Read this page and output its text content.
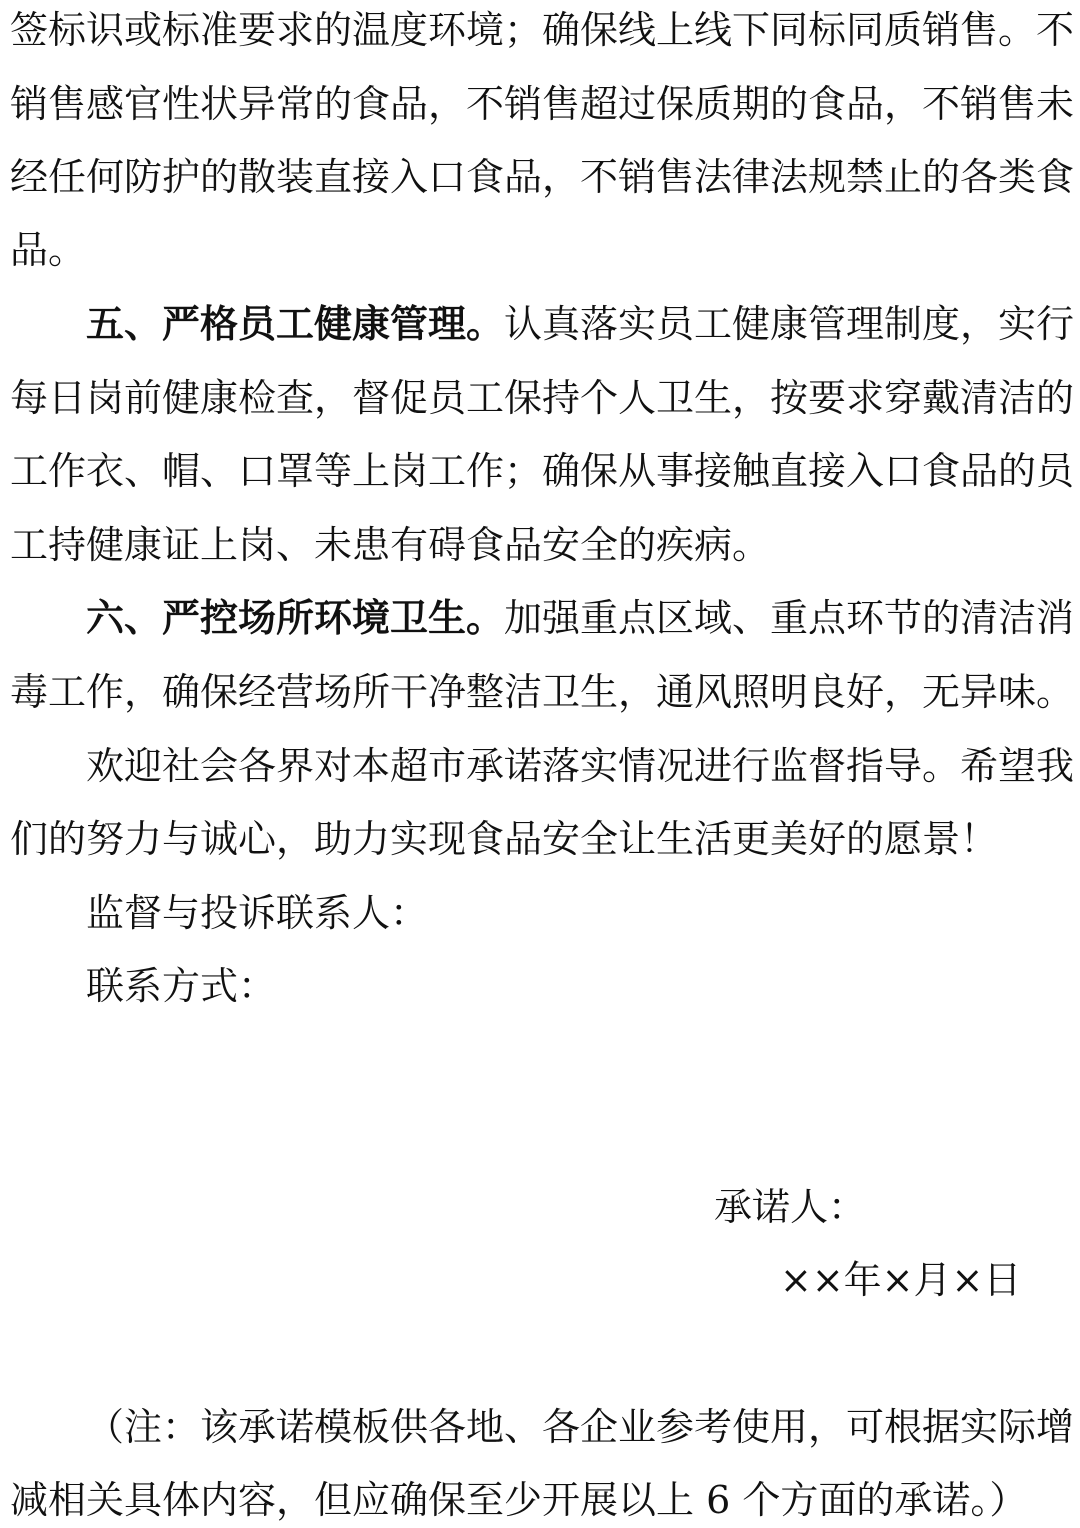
签标识或标准要求的温度环境；确保线上线下同标同质销售。不
销售感官性状异常的食品，不销售超过保质期的食品，不销售未
经任何防护的散装直接入口食品，不销售法律法规禁止的各类食
品。
五、严格员工健康管理。认真落实员工健康管理制度，实行
每日岗前健康检查，督促员工保持个人卫生，按要求穿戴清洁的
工作衣、帽、口罩等上岗工作；确保从事接触直接入口食品的员
工持健康证上岗、未患有碍食品安全的疾病。
六、严控场所环境卫生。加强重点区域、重点环节的清洁消
毒工作，确保经营场所干净整洁卫生，通风照明良好，无异味。
欢迎社会各界对本超市承诺落实情况进行监督指导。希望我
们的努力与诚心，助力实现食品安全让生活更美好的愿景！
监督与投诉联系人：
联系方式：
承诺人：
××年×月×日
（注：该承诺模板供各地、各企业参考使用，可根据实际增
减相关具体内容，但应确保至少开展以上 6 个方面的承诺。）
